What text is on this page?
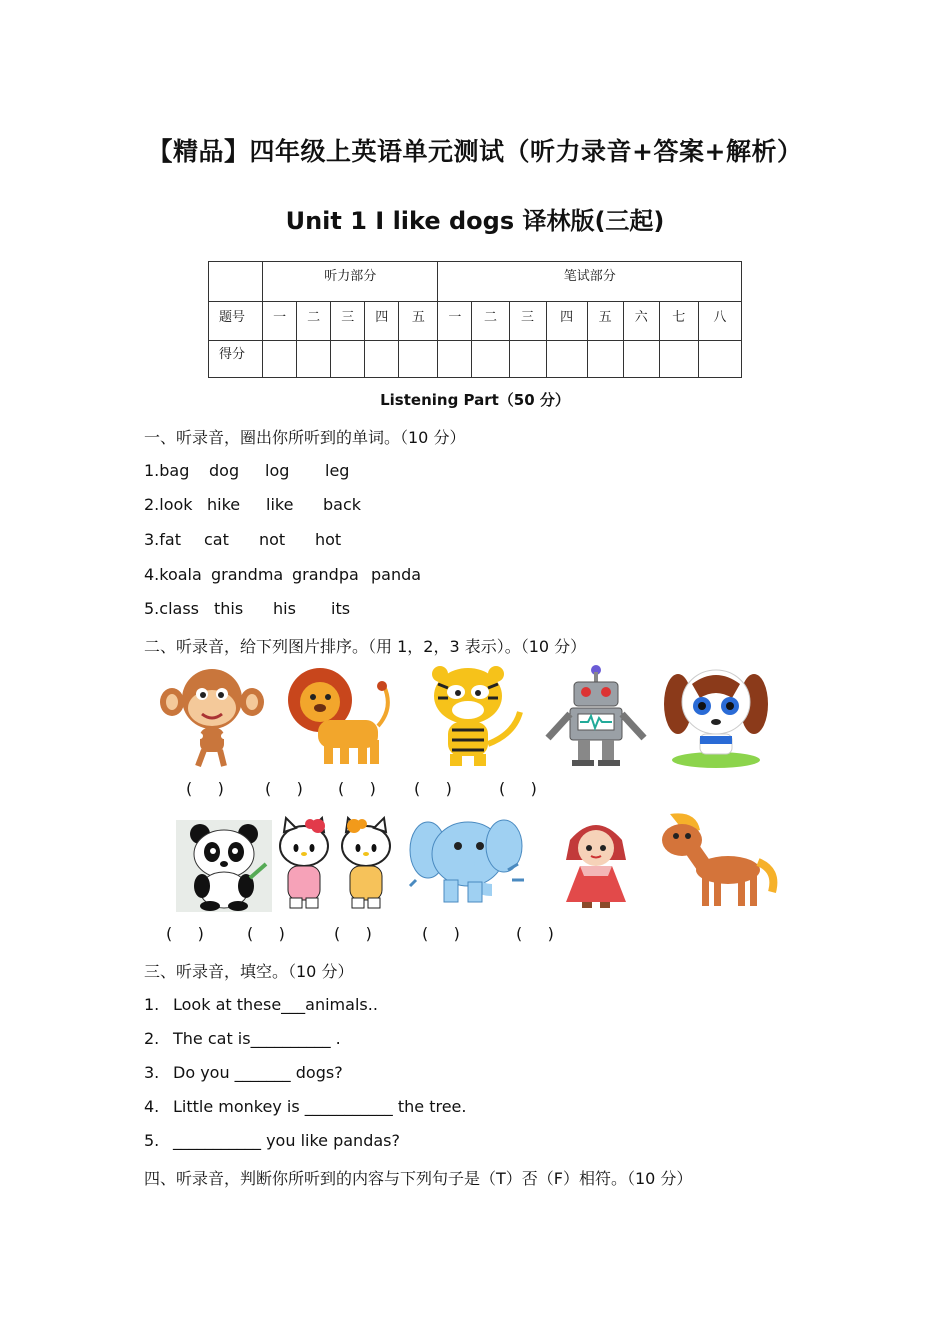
【精品】四年级上英语单元测试（听力录音+答案+解析）
Unit 1 I like dogs 译林版(三起)
	听力部分					笔试部分							
题号	一	二	三	四	五	一	二	三	四	五	六	七	八
得分													
Listening Part（50 分）
一、听录音，圈出你所听到的单词。（10 分）
1.bag dog log leg
2.look hike like back
3.fat cat not hot
4.koala grandma grandpa panda
5.class this his its
二、听录音，给下列图片排序。（用 1，2，3 表示）。（10 分）
(     )	(     ) (     ) (     )	(     )
(     )	(     )	(     )	(     )	(     )
三、听录音，填空。（10 分）
1. Look at these___animals..
2. The cat is__________ .
3. Do you _______ dogs?
4. Little monkey is ___________ the tree.
5. ___________ you like pandas?
四、听录音，判断你所听到的内容与下列句子是（T）否（F）相符。（10 分）
